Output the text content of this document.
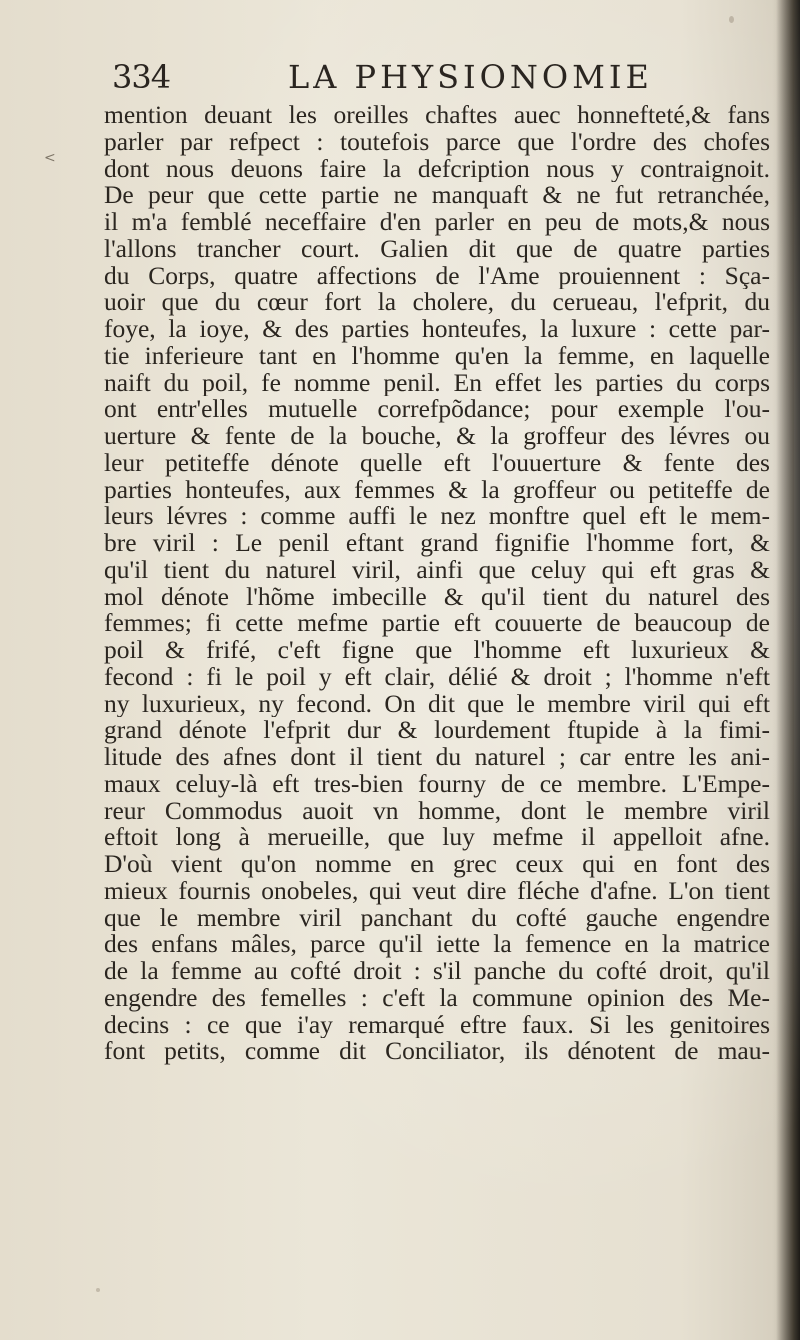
<
334	LA PHYSIONOMIE
mention deuant les oreilles chaftes auec honnefteté,& fans
parler par refpect : toutefois parce que l'ordre des chofes
dont nous deuons faire la defcription nous y contraignoit.
De peur que cette partie ne manquaft & ne fut retranchée,
il m'a femblé neceffaire d'en parler en peu de mots,& nous
l'allons trancher court. Galien dit que de quatre parties
du Corps, quatre affections de l'Ame prouiennent : Sça-
uoir que du cœur fort la cholere, du cerueau, l'efprit, du
foye, la ioye, & des parties honteufes, la luxure : cette par-
tie inferieure tant en l'homme qu'en la femme, en laquelle
naift du poil, fe nomme penil. En effet les parties du corps
ont entr'elles mutuelle correfpõdance; pour exemple l'ou-
uerture & fente de la bouche, & la groffeur des lévres ou
leur petiteffe dénote quelle eft l'ouuerture & fente des
parties honteufes, aux femmes & la groffeur ou petiteffe de
leurs lévres : comme auffi le nez monftre quel eft le mem-
bre viril : Le penil eftant grand fignifie l'homme fort, &
qu'il tient du naturel viril, ainfi que celuy qui eft gras &
mol dénote l'hõme imbecille & qu'il tient du naturel des
femmes; fi cette mefme partie eft couuerte de beaucoup de
poil & frifé, c'eft figne que l'homme eft luxurieux &
fecond : fi le poil y eft clair, délié & droit ; l'homme n'eft
ny luxurieux, ny fecond. On dit que le membre viril qui eft
grand dénote l'efprit dur & lourdement ftupide à la fimi-
litude des afnes dont il tient du naturel ; car entre les ani-
maux celuy-là eft tres-bien fourny de ce membre. L'Empe-
reur Commodus auoit vn homme, dont le membre viril
eftoit long à merueille, que luy mefme il appelloit afne.
D'où vient qu'on nomme en grec ceux qui en font des
mieux fournis onobeles, qui veut dire fléche d'afne. L'on tient
que le membre viril panchant du cofté gauche engendre
des enfans mâles, parce qu'il iette la femence en la matrice
de la femme au cofté droit : s'il panche du cofté droit, qu'il
engendre des femelles : c'eft la commune opinion des Me-
decins : ce que i'ay remarqué eftre faux. Si les genitoires
font petits, comme dit Conciliator, ils dénotent de mau-
